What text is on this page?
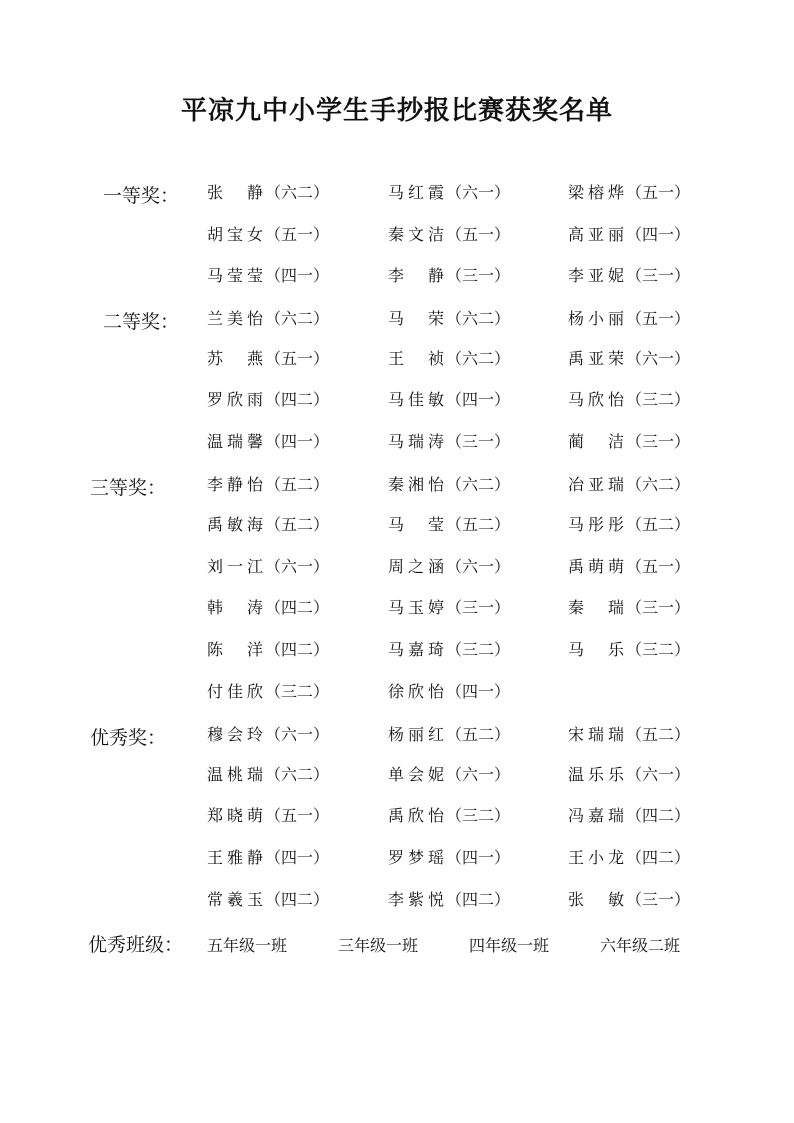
平凉九中小学生手抄报比赛获奖名单
一等奖： 张　静 （六二）	马红霞 （六一）	梁榕烨 （五一）
胡宝女 （五一）	秦文洁 （五一）	高亚丽 （四一）
马莹莹 （四一）	李　静 （三一）	李亚妮 （三一）
二等奖： 兰美怡 （六二）	马　荣 （六二）	杨小丽 （五一）
苏　燕 （五一）	王　祯 （六二）	禹亚荣 （六一）
罗欣雨 （四二）	马佳敏 （四一）	马欣怡 （三二）
温瑞馨 （四一）	马瑞涛 （三一）	蔺　洁 （三一）
三等奖：	李静怡 （五二）	秦湘怡 （六二）	冶亚瑞 （六二）
禹敏海 （五二）	马　莹 （五二）	马彤彤 （五二）
刘一江 （六一）	周之涵 （六一）	禹萌萌 （五一）
韩　涛 （四二）	马玉婷 （三一）	秦　瑞 （三一）
陈　洋 （四二）	马嘉琦 （三二）	马　乐 （三二）
付佳欣 （三二）	徐欣怡 （四一）
优秀奖：	穆会玲 （六一）	杨丽红 （五二）	宋瑞瑞 （五二）
温桃瑞 （六二）	单会妮 （六一）	温乐乐 （六一）
郑晓萌 （五一）	禹欣怡 （三二）	冯嘉瑞 （四二）
王雅静 （四一）	罗梦瑶 （四一）	王小龙 （四二）
常羲玉 （四二）	李紫悦 （四二）	张　敏 （三一）
优秀班级： 五年级一班	三年级一班	四年级一班	六年级二班
